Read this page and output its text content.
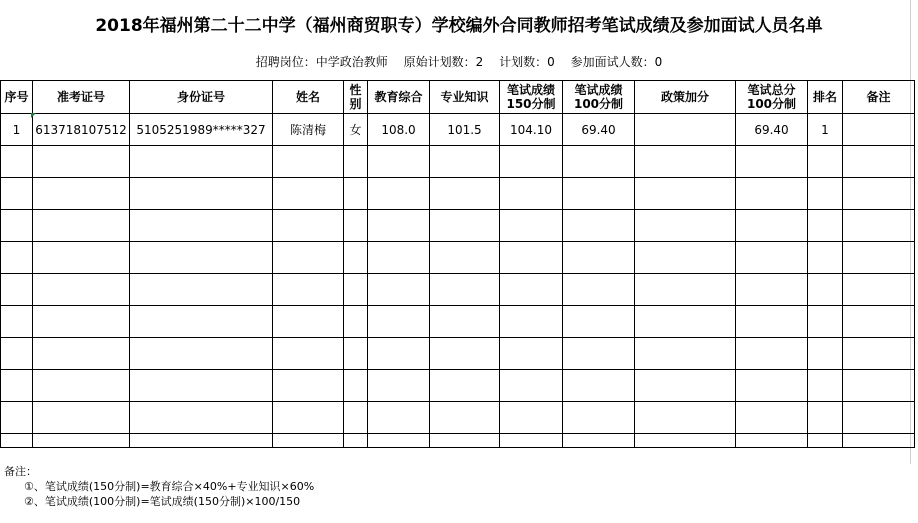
2018年福州第二十二中学（福州商贸职专）学校编外合同教师招考笔试成绩及参加面试人员名单
招聘岗位：中学政治教师 原始计划数：2 计划数：0 参加面试人数：0
序号	准考证号	身份证号	姓名	性别	教育综合	专业知识	笔试成绩150分制	笔试成绩100分制	政策加分	笔试总分100分制	排名	备注
1	613718107512	5105251989*****327	陈清梅	女	108.0	101.5	104.10	69.40		69.40	1	

备注：
①、笔试成绩(150分制)=教育综合×40%+专业知识×60%
②、笔试成绩(100分制)=笔试成绩(150分制)×100/150
